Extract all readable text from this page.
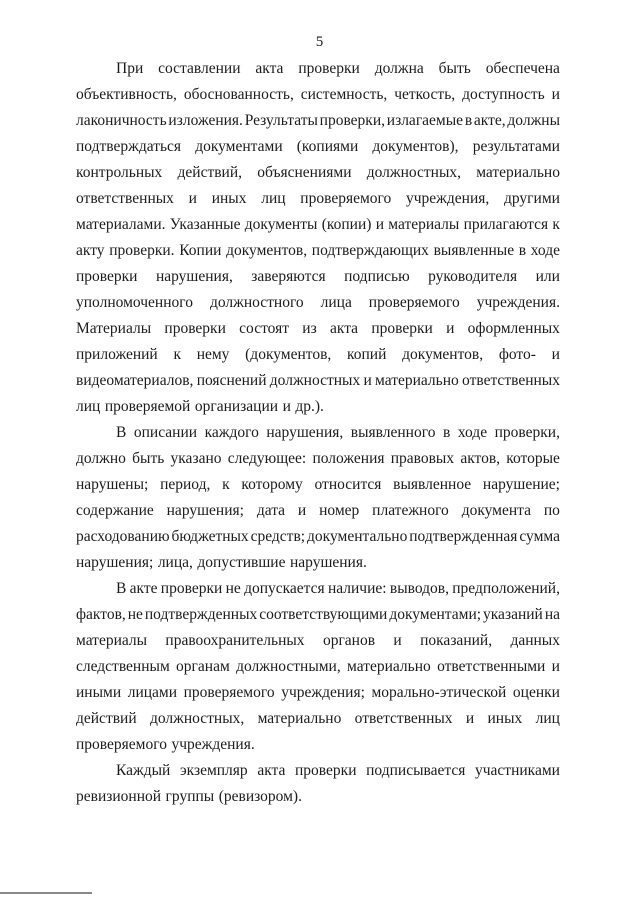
5
При составлении акта проверки должна быть обеспечена
объективность, обоснованность, системность, четкость, доступность и
лаконичность изложения. Результаты проверки, излагаемые в акте, должны
подтверждаться документами (копиями документов), результатами
контрольных действий, объяснениями должностных, материально
ответственных и иных лиц проверяемого учреждения, другими
материалами. Указанные документы (копии) и материалы прилагаются к
акту проверки. Копии документов, подтверждающих выявленные в ходе
проверки нарушения, заверяются подписью руководителя или
уполномоченного должностного лица проверяемого учреждения.
Материалы проверки состоят из акта проверки и оформленных
приложений к нему (документов, копий документов, фото- и
видеоматериалов, пояснений должностных и материально ответственных
лиц проверяемой организации и др.).
В описании каждого нарушения, выявленного в ходе проверки,
должно быть указано следующее: положения правовых актов, которые
нарушены; период, к которому относится выявленное нарушение;
содержание нарушения; дата и номер платежного документа по
расходованию бюджетных средств; документально подтвержденная сумма
нарушения; лица, допустившие нарушения.
В акте проверки не допускается наличие: выводов, предположений,
фактов, не подтвержденных соответствующими документами; указаний на
материалы правоохранительных органов и показаний, данных
следственным органам должностными, материально ответственными и
иными лицами проверяемого учреждения; морально-этической оценки
действий должностных, материально ответственных и иных лиц
проверяемого учреждения.
Каждый экземпляр акта проверки подписывается участниками
ревизионной группы (ревизором).
